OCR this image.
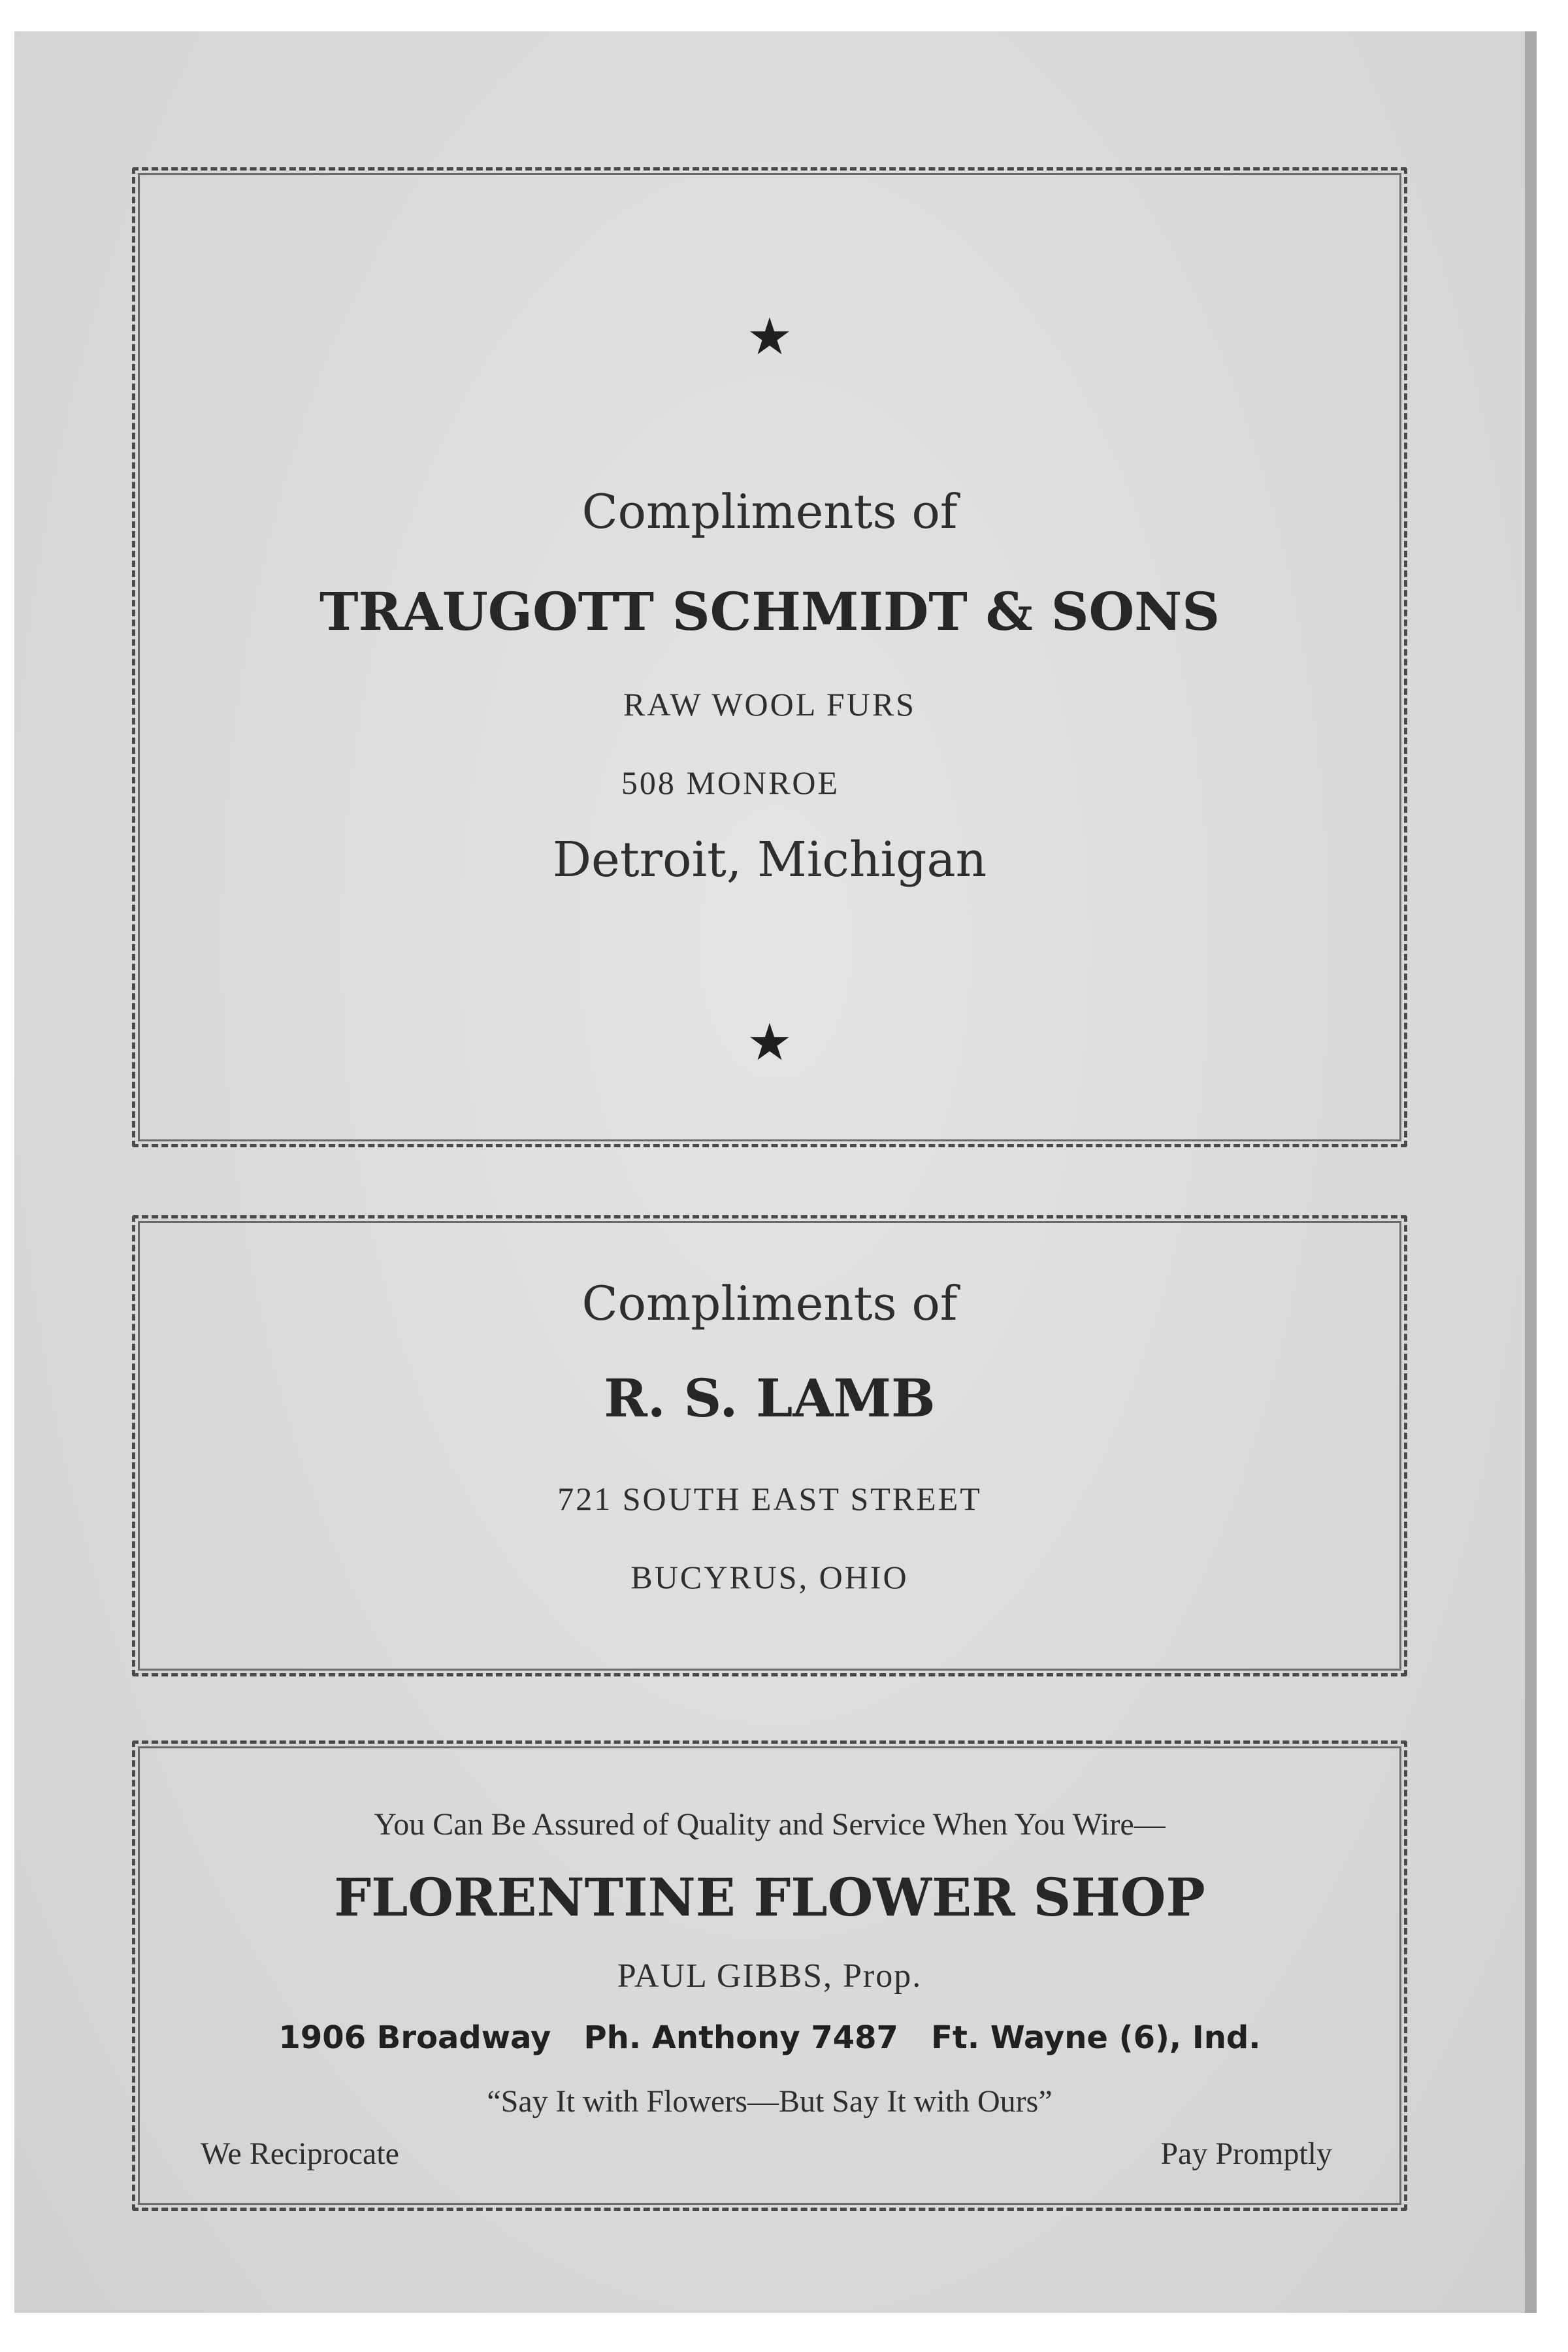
★
Compliments of
TRAUGOTT SCHMIDT & SONS
RAW WOOL FURS
508 MONROE
Detroit, Michigan
★
Compliments of
R. S. LAMB
721 SOUTH EAST STREET
BUCYRUS, OHIO
You Can Be Assured of Quality and Service When You Wire—
FLORENTINE FLOWER SHOP
PAUL GIBBS, Prop.
1906 Broadway   Ph. Anthony 7487   Ft. Wayne (6), Ind.
“Say It with Flowers—But Say It with Ours”
We Reciprocate	Pay Promptly
